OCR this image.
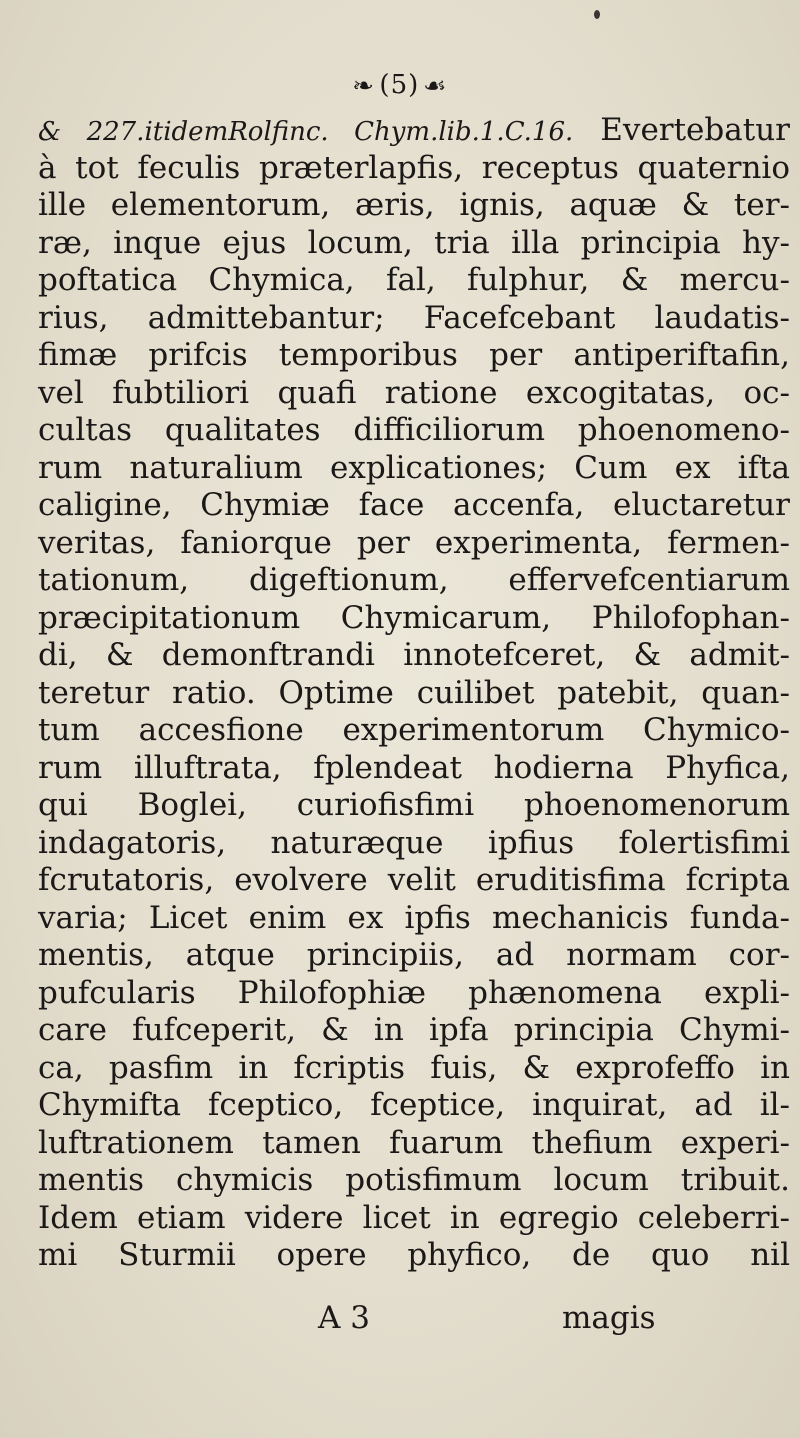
❧ (5) ☙
& 227.itidemRolfinc. Chym.lib.1.C.16. Evertebatur
à tot feculis præterlapfis, receptus quaternio
ille elementorum, æris, ignis, aquæ & ter-
ræ, inque ejus locum, tria illa principia hy-
poftatica Chymica, fal, fulphur, & mercu-
rius, admittebantur; Facefcebant laudatis-
fimæ prifcis temporibus per antiperiftafin,
vel fubtiliori quafi ratione excogitatas, oc-
cultas qualitates difficiliorum phoenomeno-
rum naturalium explicationes; Cum ex ifta
caligine, Chymiæ face accenfa, eluctaretur
veritas, faniorque per experimenta, fermen-
tationum, digeftionum, effervefcentiarum
præcipitationum Chymicarum, Philofophan-
di, & demonftrandi innotefceret, & admit-
teretur ratio. Optime cuilibet patebit, quan-
tum accesfione experimentorum Chymico-
rum illuftrata, fplendeat hodierna Phyfica,
qui Boglei, curiofisfimi phoenomenorum
indagatoris, naturæque ipfius folertisfimi
fcrutatoris, evolvere velit eruditisfima fcripta
varia; Licet enim ex ipfis mechanicis funda-
mentis, atque principiis, ad normam cor-
pufcularis Philofophiæ phænomena expli-
care fufceperit, & in ipfa principia Chymi-
ca, pasfim in fcriptis fuis, & exprofeffo in
Chymifta fceptico, fceptice, inquirat, ad il-
luftrationem tamen fuarum thefium experi-
mentis chymicis potisfimum locum tribuit.
Idem etiam videre licet in egregio celeberri-
mi Sturmii opere phyfico, de quo nil
A 3	magis
